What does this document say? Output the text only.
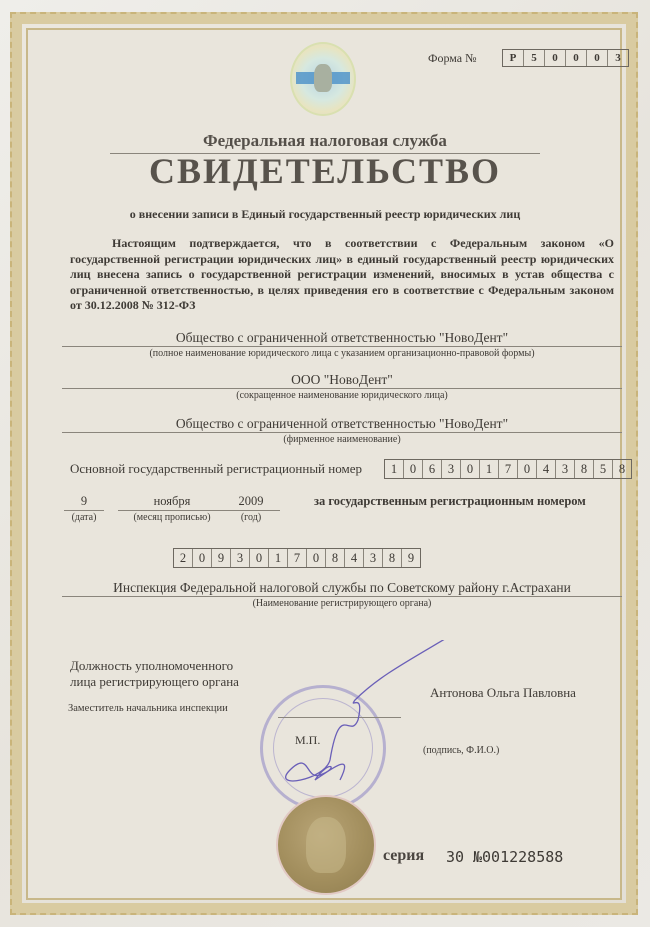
Форма №	Р	5	0	0	0	3
Федеральная налоговая служба
СВИДЕТЕЛЬСТВО
о внесении записи в Единый государственный реестр юридических лиц
Настоящим подтверждается, что в соответствии с Федеральным законом «О государственной регистрации юридических лиц» в единый государственный реестр юридических лиц внесена запись о государственной регистрации изменений, вносимых в устав общества с ограниченной ответственностью, в целях приведения его в соответствие с Федеральным законом от 30.12.2008 № 312-ФЗ
Общество с ограниченной ответственностью "НовоДент"
(полное наименование юридического лица с указанием организационно-правовой формы)
ООО "НовоДент"
(сокращенное наименование юридического лица)
Общество с ограниченной ответственностью "НовоДент"
(фирменное наименование)
Основной государственный регистрационный номер	1	0	6	3	0	1	7	0	4	3	8	5	8
9
(дата)
ноября
(месяц прописью)
2009
(год)
за государственным регистрационным номером
2	0	9	3	0	1	7	0	8	4	3	8	9
Инспекция Федеральной налоговой службы по Советскому району г.Астрахани
(Наименование регистрирующего органа)
Должность уполномоченного
лица регистрирующего органа
Заместитель начальника инспекции
М.П.
Антонова Ольга Павловна
(подпись, Ф.И.О.)
серия 30 №001228588
